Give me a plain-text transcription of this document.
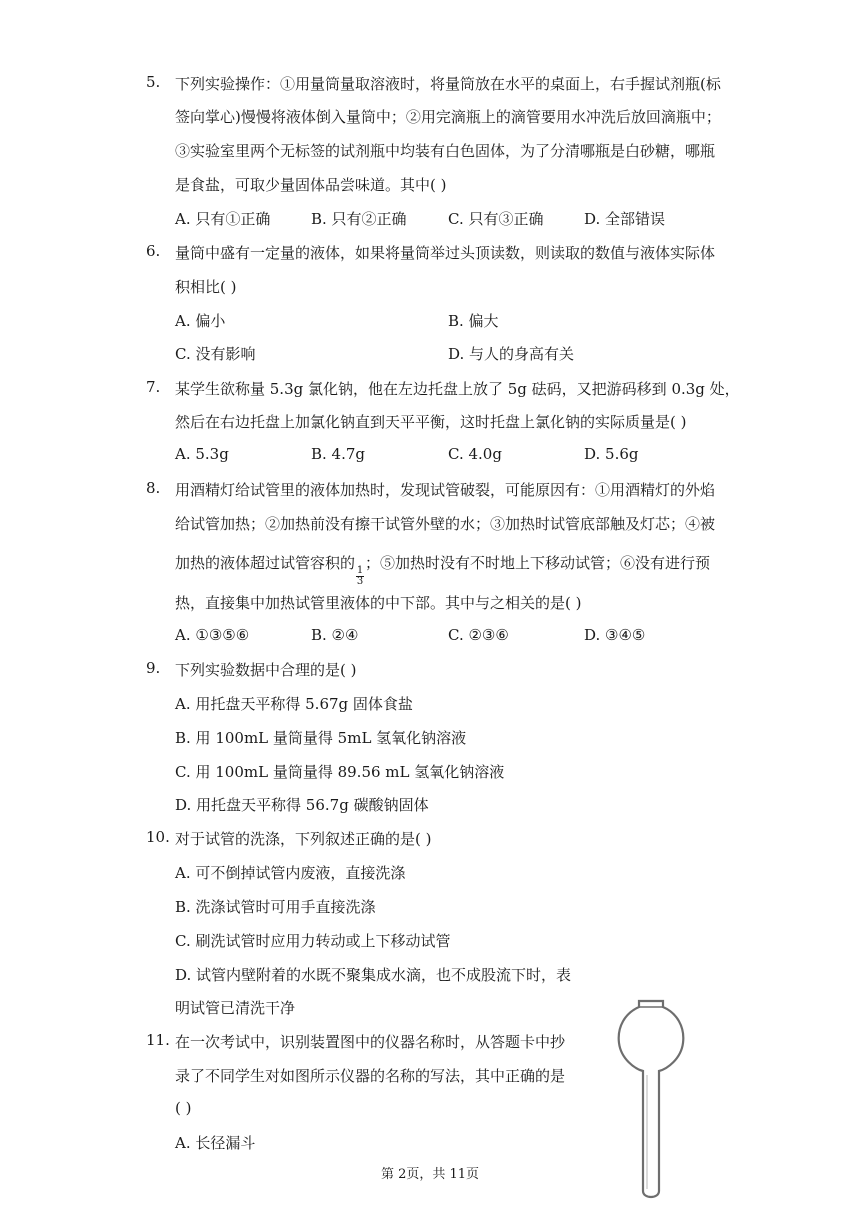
5. 下列实验操作：①用量筒量取溶液时，将量筒放在水平的桌面上，右手握试剂瓶(标
签向掌心)慢慢将液体倒入量筒中；②用完滴瓶上的滴管要用水冲洗后放回滴瓶中；
③实验室里两个无标签的试剂瓶中均装有白色固体，为了分清哪瓶是白砂糖，哪瓶
是食盐，可取少量固体品尝味道。其中( )
A. 只有①正确	B. 只有②正确	C. 只有③正确	D. 全部错误
6. 量筒中盛有一定量的液体，如果将量筒举过头顶读数，则读取的数值与液体实际体
积相比( )
A. 偏小	B. 偏大
C. 没有影响	D. 与人的身高有关
7. 某学生欲称量 5.3g 氯化钠，他在左边托盘上放了 5g 砝码，又把游码移到 0.3g 处，
然后在右边托盘上加氯化钠直到天平平衡，这时托盘上氯化钠的实际质量是( )
A. 5.3g	B. 4.7g	C. 4.0g	D. 5.6g
8. 用酒精灯给试管里的液体加热时，发现试管破裂，可能原因有：①用酒精灯的外焰
给试管加热；②加热前没有擦干试管外壁的水；③加热时试管底部触及灯芯；④被
加热的液体超过试管容积的
$\frac{1}{3}$
；⑤加热时没有不时地上下移动试管；⑥没有进行预
热，直接集中加热试管里液体的中下部。其中与之相关的是( )
A. ①③⑤⑥	B. ②④	C. ②③⑥	D. ③④⑤
9. 下列实验数据中合理的是( )
A. 用托盘天平称得 5.67g 固体食盐
B. 用 100mL 量筒量得 5mL 氢氧化钠溶液
C. 用 100mL 量筒量得 89.56 mL 氢氧化钠溶液
D. 用托盘天平称得 56.7g 碳酸钠固体
10. 对于试管的洗涤，下列叙述正确的是( )
A. 可不倒掉试管内废液，直接洗涤
B. 洗涤试管时可用手直接洗涤
C. 刷洗试管时应用力转动或上下移动试管
D. 试管内壁附着的水既不聚集成水滴，也不成股流下时，表
明试管已清洗干净
11. 在一次考试中，识别装置图中的仪器名称时，从答题卡中抄
录了不同学生对如图所示仪器的名称的写法，其中正确的是
( )
A. 长径漏斗
第 2页，共 11页
